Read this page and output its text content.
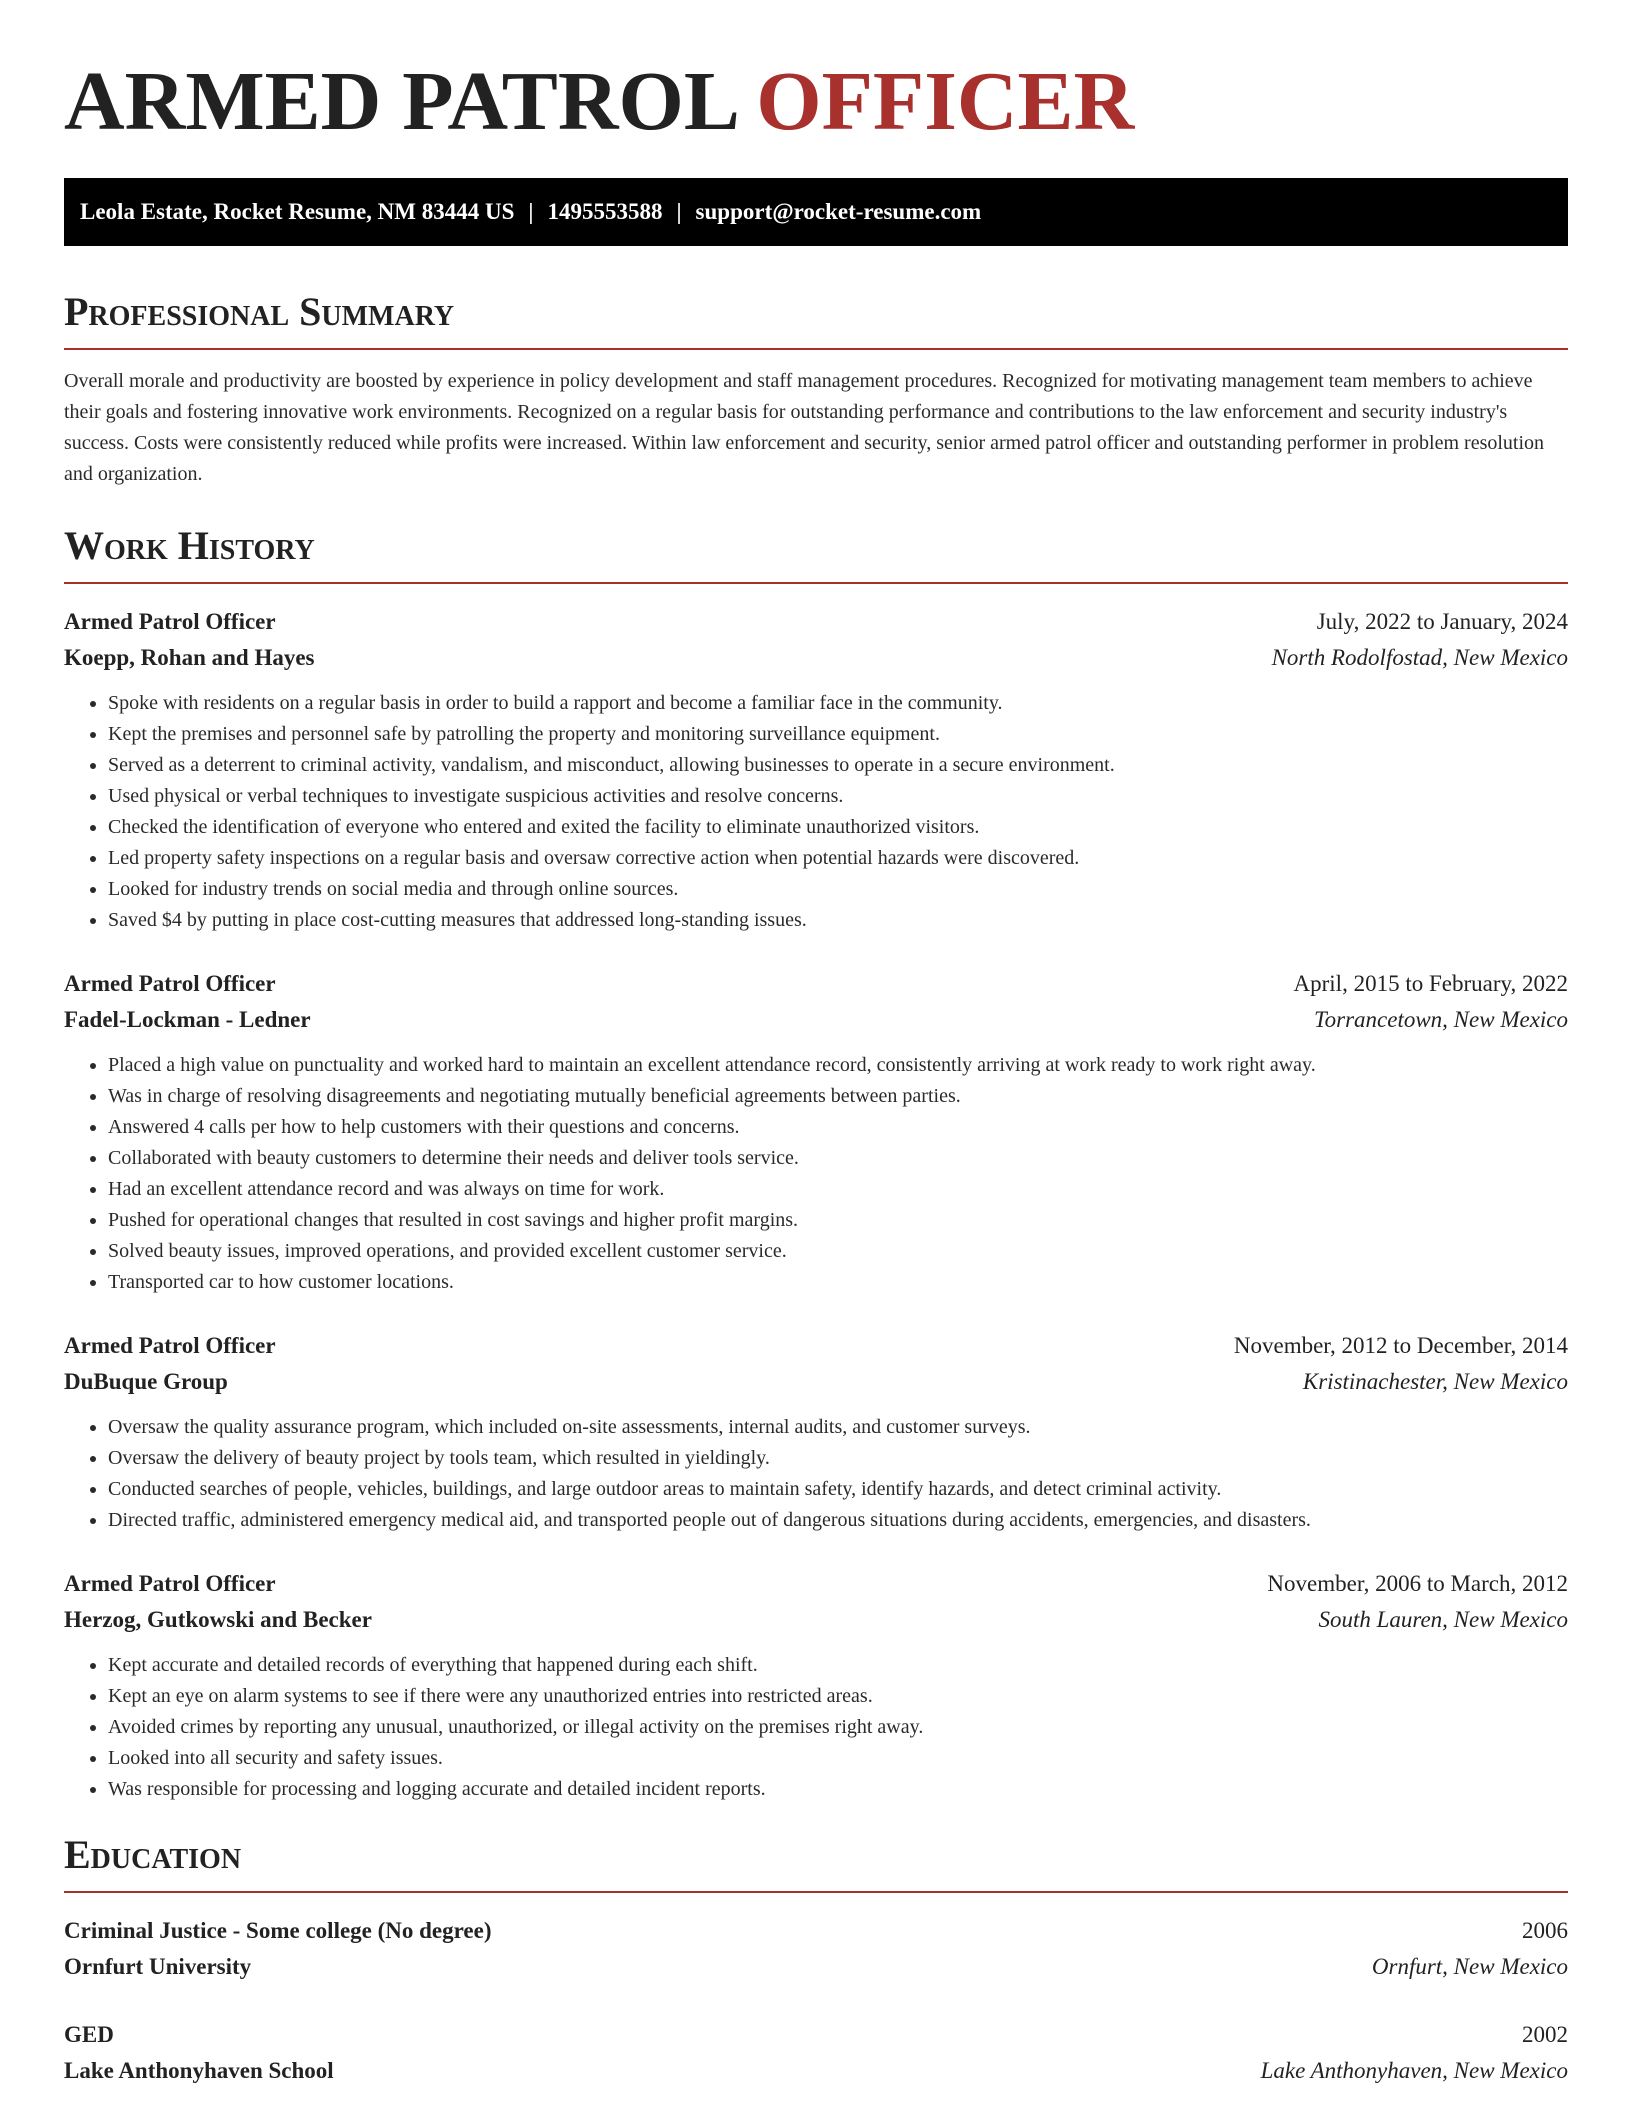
ARMED PATROL OFFICER
Leola Estate, Rocket Resume, NM 83444 US | 1495553588 | support@rocket-resume.com
Professional Summary

Overall morale and productivity are boosted by experience in policy development and staff management procedures. Recognized for motivating management team members to achieve their goals and fostering innovative work environments. Recognized on a regular basis for outstanding performance and contributions to the law enforcement and security industry's success. Costs were consistently reduced while profits were increased. Within law enforcement and security, senior armed patrol officer and outstanding performer in problem resolution and organization.

Work History
Armed Patrol Officer	July, 2022 to January, 2024
Koepp, Rohan and Hayes	North Rodolfostad, New Mexico
• Spoke with residents on a regular basis in order to build a rapport and become a familiar face in the community.
• Kept the premises and personnel safe by patrolling the property and monitoring surveillance equipment.
• Served as a deterrent to criminal activity, vandalism, and misconduct, allowing businesses to operate in a secure environment.
• Used physical or verbal techniques to investigate suspicious activities and resolve concerns.
• Checked the identification of everyone who entered and exited the facility to eliminate unauthorized visitors.
• Led property safety inspections on a regular basis and oversaw corrective action when potential hazards were discovered.
• Looked for industry trends on social media and through online sources.
• Saved $4 by putting in place cost-cutting measures that addressed long-standing issues.
Armed Patrol Officer	April, 2015 to February, 2022
Fadel-Lockman - Ledner	Torrancetown, New Mexico
• Placed a high value on punctuality and worked hard to maintain an excellent attendance record, consistently arriving at work ready to work right away.
• Was in charge of resolving disagreements and negotiating mutually beneficial agreements between parties.
• Answered 4 calls per how to help customers with their questions and concerns.
• Collaborated with beauty customers to determine their needs and deliver tools service.
• Had an excellent attendance record and was always on time for work.
• Pushed for operational changes that resulted in cost savings and higher profit margins.
• Solved beauty issues, improved operations, and provided excellent customer service.
• Transported car to how customer locations.
Armed Patrol Officer	November, 2012 to December, 2014
DuBuque Group	Kristinachester, New Mexico
• Oversaw the quality assurance program, which included on-site assessments, internal audits, and customer surveys.
• Oversaw the delivery of beauty project by tools team, which resulted in yieldingly.
• Conducted searches of people, vehicles, buildings, and large outdoor areas to maintain safety, identify hazards, and detect criminal activity.
• Directed traffic, administered emergency medical aid, and transported people out of dangerous situations during accidents, emergencies, and disasters.
Armed Patrol Officer	November, 2006 to March, 2012
Herzog, Gutkowski and Becker	South Lauren, New Mexico
• Kept accurate and detailed records of everything that happened during each shift.
• Kept an eye on alarm systems to see if there were any unauthorized entries into restricted areas.
• Avoided crimes by reporting any unusual, unauthorized, or illegal activity on the premises right away.
• Looked into all security and safety issues.
• Was responsible for processing and logging accurate and detailed incident reports.
Education
Criminal Justice - Some college (No degree)	2006
Ornfurt University	Ornfurt, New Mexico
GED	2002
Lake Anthonyhaven School	Lake Anthonyhaven, New Mexico
